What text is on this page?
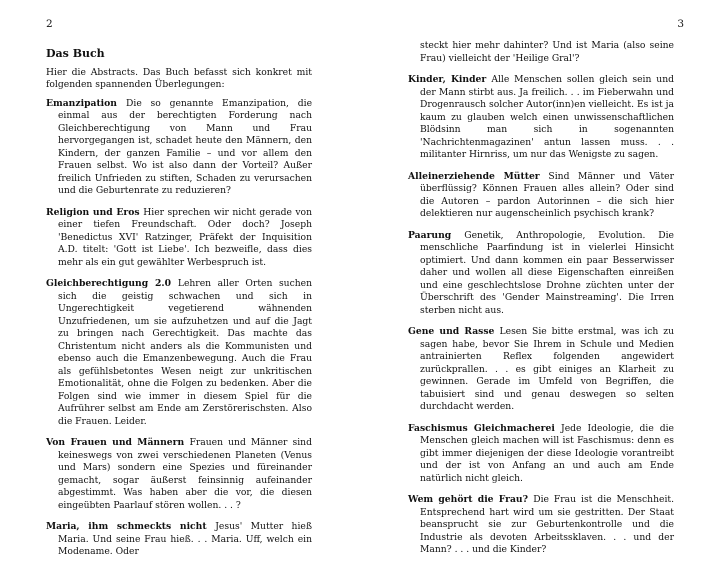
2
Das Buch
Hier die Abstracts. Das Buch befasst sich konkret mit folgenden spannenden Überlegungen:
Emanzipation Die so genannte Emanzipation, die einmal aus der berechtigten Forderung nach Gleichberechtigung von Mann und Frau hervorgegangen ist, schadet heute den Männern, den Kindern, der ganzen Familie – und vor allem den Frauen selbst. Wo ist also dann der Vorteil? Außer freilich Unfrieden zu stiften, Schaden zu verursachen und die Geburtenrate zu reduzieren?
Religion und Eros Hier sprechen wir nicht gerade von einer tiefen Freundschaft. Oder doch? Joseph 'Benedictus XVI' Ratzinger, Präfekt der Inquisition A.D. titelt: 'Gott ist Liebe'. Ich bezweifle, dass dies mehr als ein gut gewählter Werbespruch ist.
Gleichberechtigung 2.0 Lehren aller Orten suchen sich die geistig schwachen und sich in Ungerechtigkeit vegetierend wähnenden Unzufriedenen, um sie aufzuhetzen und auf die Jagt zu bringen nach Gerechtigkeit. Das machte das Christentum nicht anders als die Kommunisten und ebenso auch die Emanzenbewegung. Auch die Frau als gefühlsbetontes Wesen neigt zur unkritischen Emotionalität, ohne die Folgen zu bedenken. Aber die Folgen sind wie immer in diesem Spiel für die Aufrührer selbst am Ende am Zerstörerischsten. Also die Frauen. Leider.
Von Frauen und Männern Frauen und Männer sind keineswegs von zwei verschiedenen Planeten (Venus und Mars) sondern eine Spezies und füreinander gemacht, sogar äußerst feinsinnig aufeinander abgestimmt. Was haben aber die vor, die diesen eingeübten Paarlauf stören wollen. . . ?
Maria, ihm schmeckts nicht Jesus' Mutter hieß Maria. Und seine Frau hieß. . . Maria. Uff, welch ein Modename. Oder
3
steckt hier mehr dahinter? Und ist Maria (also seine Frau) vielleicht der 'Heilige Gral'?
Kinder, Kinder Alle Menschen sollen gleich sein und der Mann stirbt aus. Ja freilich. . . im Fieberwahn und Drogenrausch solcher Autor(inn)en vielleicht. Es ist ja kaum zu glauben welch einen unwissenschaftlichen Blödsinn man sich in sogenannten 'Nachrichtenmagazinen' antun lassen muss. . . militanter Hirnriss, um nur das Wenigste zu sagen.
Alleinerziehende Mütter Sind Männer und Väter überflüssig? Können Frauen alles allein? Oder sind die Autoren – pardon Autorinnen – die sich hier delektieren nur augenscheinlich psychisch krank?
Paarung Genetik, Anthropologie, Evolution. Die menschliche Paarfindung ist in vielerlei Hinsicht optimiert. Und dann kommen ein paar Besserwisser daher und wollen all diese Eigenschaften einreißen und eine geschlechtslose Drohne züchten unter der Überschrift des 'Gender Mainstreaming'. Die Irren sterben nicht aus.
Gene und Rasse Lesen Sie bitte erstmal, was ich zu sagen habe, bevor Sie Ihrem in Schule und Medien antrainierten Reflex folgenden angewidert zurückprallen. . . es gibt einiges an Klarheit zu gewinnen. Gerade im Umfeld von Begriffen, die tabuisiert sind und genau deswegen so selten durchdacht werden.
Faschismus Gleichmacherei Jede Ideologie, die die Menschen gleich machen will ist Faschismus: denn es gibt immer diejenigen der diese Ideologie vorantreibt und der ist von Anfang an und auch am Ende natürlich nicht gleich.
Wem gehört die Frau? Die Frau ist die Menschheit. Entsprechend hart wird um sie gestritten. Der Staat beansprucht sie zur Geburtenkontrolle und die Industrie als devoten Arbeitssklaven. . . und der Mann? . . . und die Kinder?
